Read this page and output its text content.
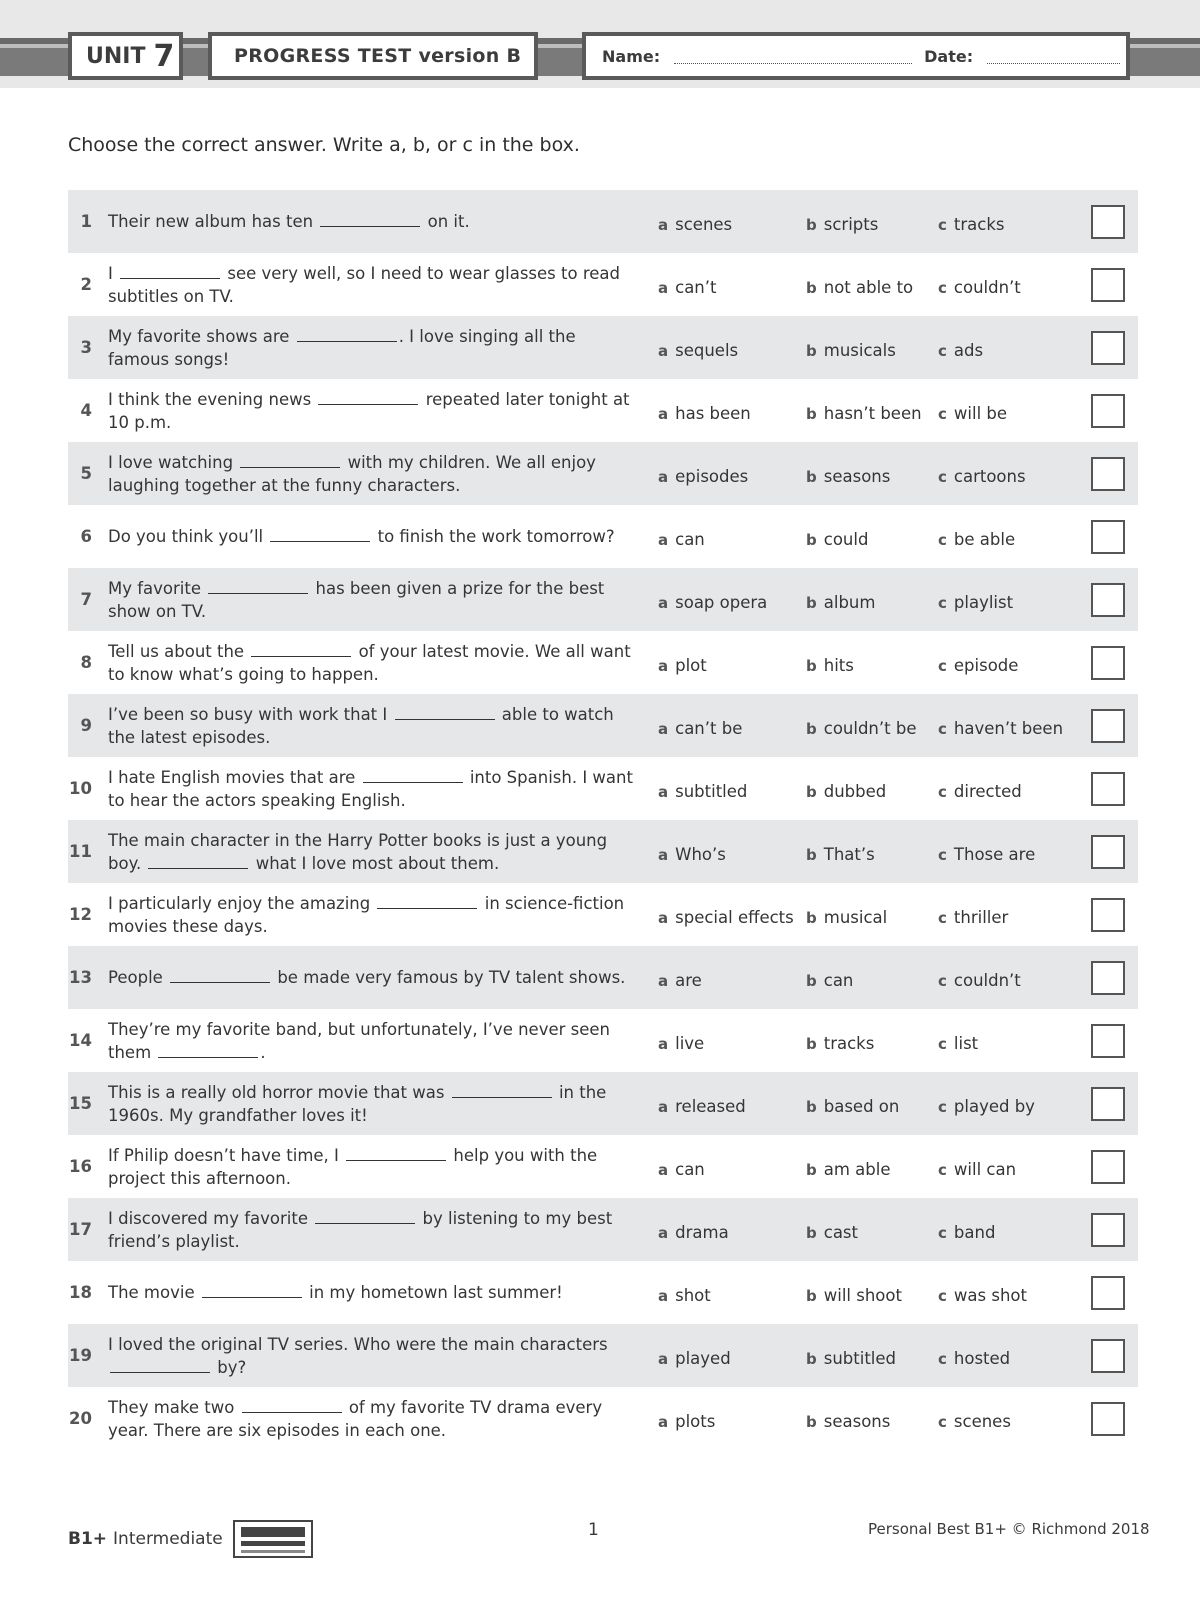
UNIT 7	PROGRESS TEST version B	Name:	Date:
Choose the correct answer. Write a, b, or c in the box.
1 Their new album has ten	on it.	a scenes	b scripts	c tracks
2
I	see very well, so I need to wear glasses to read subtitles on TV.	a can’t	b not able to c couldn’t
3
My favorite shows are	. I love singing all the famous songs!	a sequels	b musicals	c ads
4
I think the evening news	repeated later tonight at 10 p.m.	a has been	b hasn’t been c will be
5
I love watching	with my children. We all enjoy laughing together at the funny characters.	a episodes	b seasons	c cartoons
6 Do you think you’ll	to finish the work tomorrow?	a can	b could	c be able
7
My favorite	has been given a prize for the best show on TV.	a soap opera	b album	c playlist
8
Tell us about the	of your latest movie. We all want to know what’s going to happen.	a plot	b hits	c episode
9
I’ve been so busy with work that I	able to watch the latest episodes.	a can’t be	b couldn’t be c haven’t been
10
I hate English movies that are	into Spanish. I want to hear the actors speaking English.	a subtitled	b dubbed	c directed
11
The main character in the Harry Potter books is just a young boy.	what I love most about them.	a Who’s	b That’s	c Those are
12
I particularly enjoy the amazing	in science-fiction movies these days.	a special effects b musical	c thriller
13 People	be made very famous by TV talent shows. a are	b can	c couldn’t
14
They’re my favorite band, but unfortunately, I’ve never seen them	.	a live	b tracks	c list
15
This is a really old horror movie that was	in the 1960s. My grandfather loves it!	a released	b based on	c played by
16
If Philip doesn’t have time, I	help you with the project this afternoon.	a can	b am able	c will can
17
I discovered my favorite	by listening to my best friend’s playlist.	a drama	b cast	c band
18 The movie	in my hometown last summer!	a shot	b will shoot c was shot
19
I loved the original TV series. Who were the main characters  by?	a played	b subtitled	c hosted
20
They make two	of my favorite TV drama every year. There are six episodes in each one.	a plots	b seasons	c scenes
B1+ Intermediate	1	Personal Best B1+ © Richmond 2018
